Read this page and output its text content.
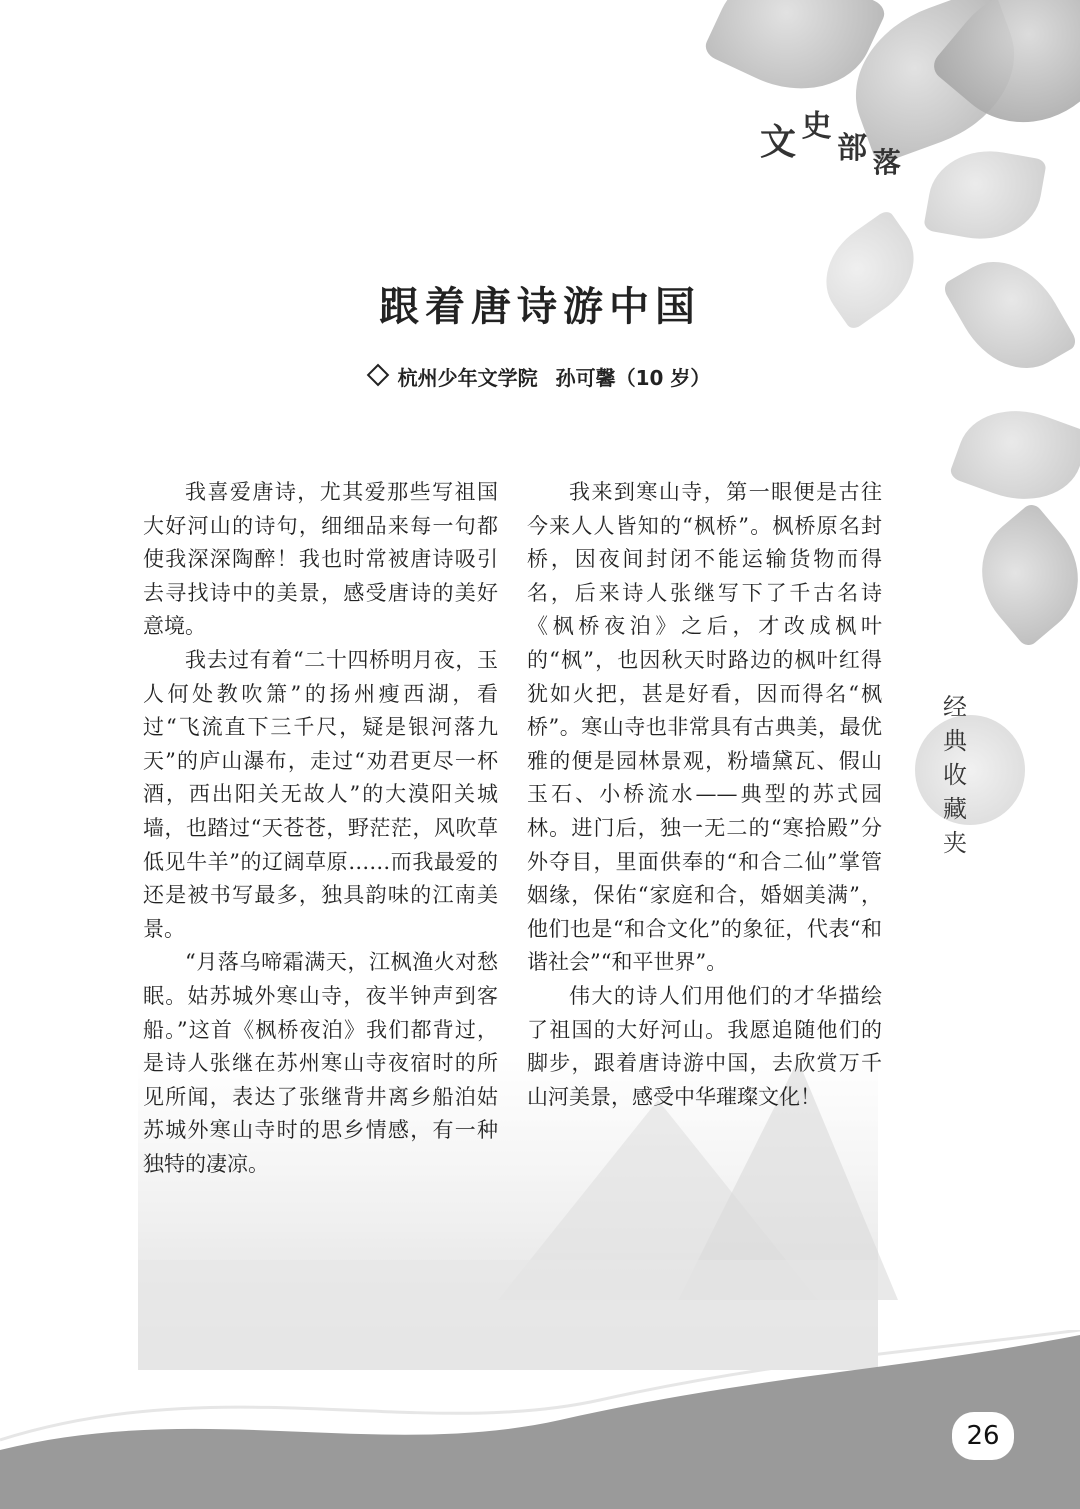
文 史 部 落
跟着唐诗游中国
杭州少年文学院 孙可馨（10 岁）

我喜爱唐诗，尤其爱那些写祖国大好河山的诗句，细细品来每一句都使我深深陶醉！我也时常被唐诗吸引去寻找诗中的美景，感受唐诗的美好意境。

我去过有着“二十四桥明月夜，玉人何处教吹箫”的扬州瘦西湖，看过“飞流直下三千尺，疑是银河落九天”的庐山瀑布，走过“劝君更尽一杯酒，西出阳关无故人”的大漠阳关城墙，也踏过“天苍苍，野茫茫，风吹草低见牛羊”的辽阔草原……而我最爱的还是被书写最多，独具韵味的江南美景。

“月落乌啼霜满天，江枫渔火对愁眠。姑苏城外寒山寺，夜半钟声到客船。”这首《枫桥夜泊》我们都背过，是诗人张继在苏州寒山寺夜宿时的所见所闻，表达了张继背井离乡船泊姑苏城外寒山寺时的思乡情感，有一种独特的凄凉。

我来到寒山寺，第一眼便是古往今来人人皆知的“枫桥”。枫桥原名封桥，因夜间封闭不能运输货物而得名，后来诗人张继写下了千古名诗《枫桥夜泊》之后，才改成枫叶的“枫”，也因秋天时路边的枫叶红得犹如火把，甚是好看，因而得名“枫桥”。寒山寺也非常具有古典美，最优雅的便是园林景观，粉墙黛瓦、假山玉石、小桥流水——典型的苏式园林。进门后，独一无二的“寒拾殿”分外夺目，里面供奉的“和合二仙”掌管姻缘，保佑“家庭和合，婚姻美满”，他们也是“和合文化”的象征，代表“和谐社会”“和平世界”。

伟大的诗人们用他们的才华描绘了祖国的大好河山。我愿追随他们的脚步，跟着唐诗游中国，去欣赏万千山河美景，感受中华璀璨文化！

经
典
收
藏
夹
26
